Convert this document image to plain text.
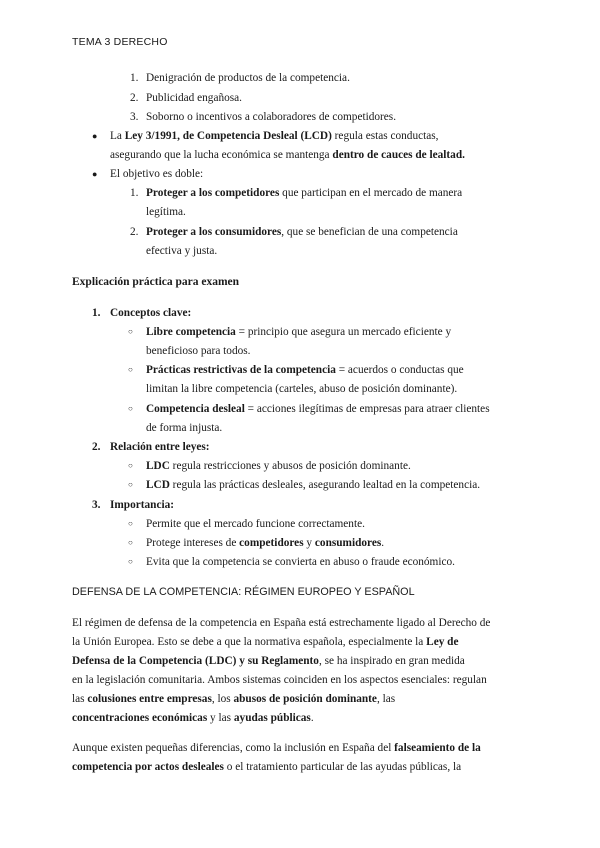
TEMA 3 DERECHO
1. Denigración de productos de la competencia.
2. Publicidad engañosa.
3. Soborno o incentivos a colaboradores de competidores.
● La Ley 3/1991, de Competencia Desleal (LCD) regula estas conductas,
asegurando que la lucha económica se mantenga dentro de cauces de lealtad.
● El objetivo es doble:
1. Proteger a los competidores que participan en el mercado de manera
legítima.
2. Proteger a los consumidores, que se benefician de una competencia
efectiva y justa.
Explicación práctica para examen
1. Conceptos clave:
○ Libre competencia = principio que asegura un mercado eficiente y
beneficioso para todos.
○ Prácticas restrictivas de la competencia = acuerdos o conductas que
limitan la libre competencia (carteles, abuso de posición dominante).
○ Competencia desleal = acciones ilegítimas de empresas para atraer clientes
de forma injusta.
2. Relación entre leyes:
○ LDC regula restricciones y abusos de posición dominante.
○ LCD regula las prácticas desleales, asegurando lealtad en la competencia.
3. Importancia:
○ Permite que el mercado funcione correctamente.
○ Protege intereses de competidores y consumidores.
○ Evita que la competencia se convierta en abuso o fraude económico.
DEFENSA DE LA COMPETENCIA: RÉGIMEN EUROPEO Y ESPAÑOL
El régimen de defensa de la competencia en España está estrechamente ligado al Derecho de
la Unión Europea. Esto se debe a que la normativa española, especialmente la Ley de
Defensa de la Competencia (LDC) y su Reglamento, se ha inspirado en gran medida
en la legislación comunitaria. Ambos sistemas coinciden en los aspectos esenciales: regulan
las colusiones entre empresas, los abusos de posición dominante, las
concentraciones económicas y las ayudas públicas.
Aunque existen pequeñas diferencias, como la inclusión en España del falseamiento de la
competencia por actos desleales o el tratamiento particular de las ayudas públicas, la
